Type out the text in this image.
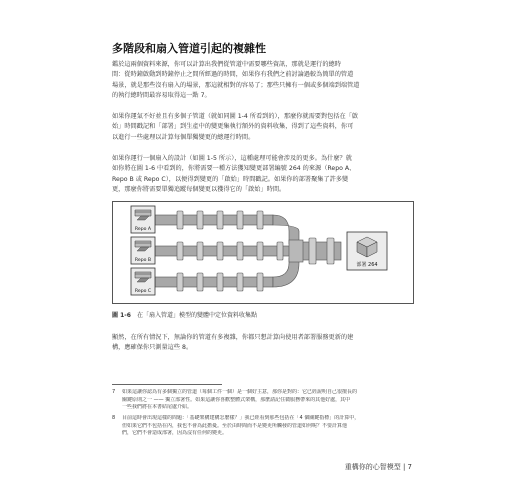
多階段和扇入管道引起的複雜性
鑑於這兩個資料來源，你可以計算出我們從管道中需要哪些資訊，那就是運行的總時
間：從時鐘啟動到時鐘停止之間所經過的時間，如果你有我們之前討論過較為簡單的管道
場景，就是那些沒有扇入的場景，那這就相對的容易了；那些只擁有一個或多個端到端管道
的執行總時間最容易取得這一點 7。
如果你運氣不好並且有多個子管道（就如同圖 1-4 所看到的），那麼你就需要對包括在「啟
始」時間戳記和「部署」到生產中的變更集執行額外的資料收集，得到了這些資料，你可
以進行一些處理以計算每個單獨變更的總運行時間。
如果你運行一個扇入的設計（如圖 1-5 所示），這種處理可能會涉及的更多。為什麼？就
如你將在圖 1-6 中看到的，你將需要一種方法獲知變更部署編號 264 的來源（Repo A、
Repo B 或 Repo C），以便得到變更的「啟始」時間戳記。如果你的部署聚集了許多變
更，那麼你將需要單獨追蹤每個變更以獲得它的「啟始」時間。
Repo A
Repo B
Repo C
部署 264
圖 1-6 在「扇入管道」模型的變體中定位資料收集點
顯然，在所有情況下，無論你的管道有多複雜，你都只想計算向使用者部署服務更新的建
構，應確保你只測量這些 8。
7 如果這讓你認為有多個獨立的管道（每個工件一個）是一個好主意，那你是對的：它已經說明自己很擅長的
關鍵原則之一 —— 獨立部署性。如果這讓你喜歡整體式架構，那麼請記住微服務帶來的其他好處，其中
一些我們將在本書結尾處介紹。
8 目前這時會出現這樣的問題：「基礎架構建構怎麼樣？」我已經看到那些包括在「4 個關鍵指標」的計算中，
但如果它們不包括在內，我也不會為此擔憂。至於由時間而不是變更所觸發的管道如何呢？不要計算他
們，它們不會造成部署，因為沒有任何的變更。
重構你的心智模型 | 7
